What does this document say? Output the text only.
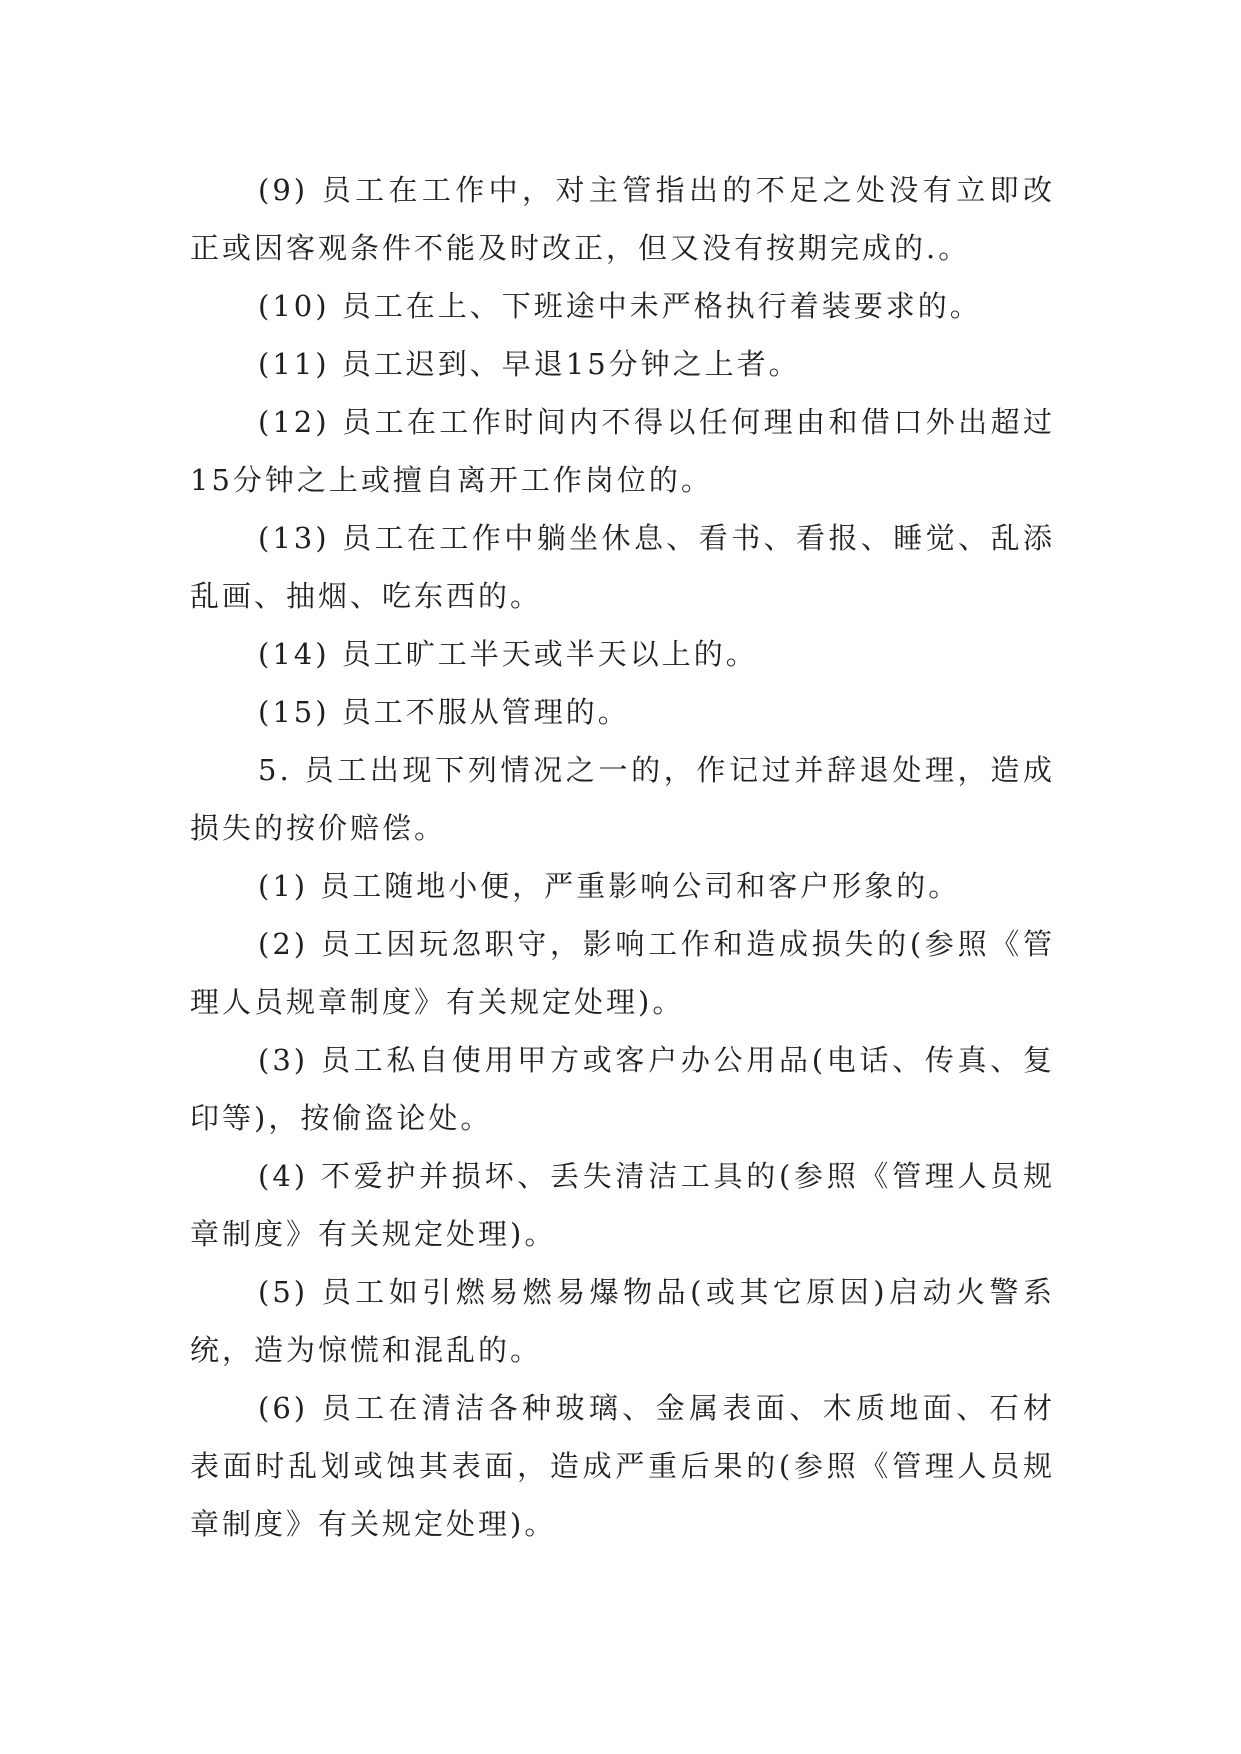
(9) 员工在工作中，对主管指出的不足之处没有立即改正或因客观条件不能及时改正，但又没有按期完成的.。

(10) 员工在上、下班途中未严格执行着装要求的。

(11) 员工迟到、早退15分钟之上者。

(12) 员工在工作时间内不得以任何理由和借口外出超过15分钟之上或擅自离开工作岗位的。

(13) 员工在工作中躺坐休息、看书、看报、睡觉、乱添乱画、抽烟、吃东西的。

(14) 员工旷工半天或半天以上的。

(15) 员工不服从管理的。

5. 员工出现下列情况之一的，作记过并辞退处理，造成损失的按价赔偿。

(1) 员工随地小便，严重影响公司和客户形象的。

(2) 员工因玩忽职守，影响工作和造成损失的(参照《管理人员规章制度》有关规定处理)。

(3) 员工私自使用甲方或客户办公用品(电话、传真、复印等)，按偷盗论处。

(4) 不爱护并损坏、丢失清洁工具的(参照《管理人员规章制度》有关规定处理)。

(5) 员工如引燃易燃易爆物品(或其它原因)启动火警系统，造为惊慌和混乱的。

(6) 员工在清洁各种玻璃、金属表面、木质地面、石材表面时乱划或蚀其表面，造成严重后果的(参照《管理人员规章制度》有关规定处理)。
